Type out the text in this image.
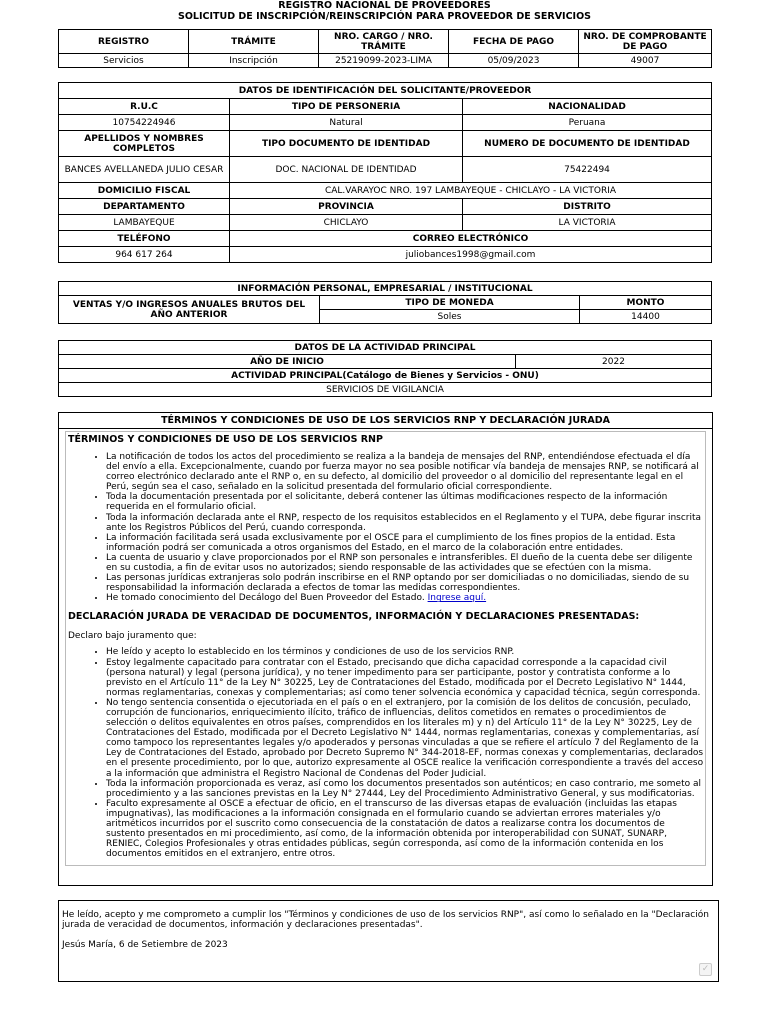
REGISTRO NACIONAL DE PROVEEDORES
SOLICITUD DE INSCRIPCIÓN/REINSCRIPCIÓN PARA PROVEEDOR DE SERVICIOS
REGISTRO	TRÁMITE	NRO. CARGO / NRO. TRÁMITE	FECHA DE PAGO	NRO. DE COMPROBANTE DE PAGO
Servicios	Inscripción	25219099-2023-LIMA	05/09/2023	49007
DATOS DE IDENTIFICACIÓN DEL SOLICITANTE/PROVEEDOR		
R.U.C	TIPO DE PERSONERIA	NACIONALIDAD
10754224946	Natural	Peruana
APELLIDOS Y NOMBRES COMPLETOS	TIPO DOCUMENTO DE IDENTIDAD	NUMERO DE DOCUMENTO DE IDENTIDAD
BANCES AVELLANEDA JULIO CESAR	DOC. NACIONAL DE IDENTIDAD	75422494
DOMICILIO FISCAL	CAL.VARAYOC NRO. 197 LAMBAYEQUE - CHICLAYO - LA VICTORIA	
DEPARTAMENTO	PROVINCIA	DISTRITO
LAMBAYEQUE	CHICLAYO	LA VICTORIA
TELÉFONO	CORREO ELECTRÓNICO	
964 617 264	juliobances1998@gmail.com	
INFORMACIÓN PERSONAL, EMPRESARIAL / INSTITUCIONAL		
VENTAS Y/O INGRESOS ANUALES BRUTOS DEL AÑO ANTERIOR	TIPO DE MONEDA	MONTO
	Soles	14400
DATOS DE LA ACTIVIDAD PRINCIPAL
AÑO DE INICIO	2022
ACTIVIDAD PRINCIPAL(Catálogo de Bienes y Servicios - ONU)
SERVICIOS DE VIGILANCIA
TÉRMINOS Y CONDICIONES DE USO DE LOS SERVICIOS RNP Y DECLARACIÓN JURADA
TÉRMINOS Y CONDICIONES DE USO DE LOS SERVICIOS RNP
• La notificación de todos los actos del procedimiento se realiza a la bandeja de mensajes del RNP, entendiéndose efectuada el día del envío a ella. Excepcionalmente, cuando por fuerza mayor no sea posible notificar vía bandeja de mensajes RNP, se notificará al correo electrónico declarado ante el RNP o, en su defecto, al domicilio del proveedor o al domicilio del representante legal en el Perú, según sea el caso, señalado en la solicitud presentada del formulario oficial correspondiente.
• Toda la documentación presentada por el solicitante, deberá contener las últimas modificaciones respecto de la información requerida en el formulario oficial.
• Toda la información declarada ante el RNP, respecto de los requisitos establecidos en el Reglamento y el TUPA, debe figurar inscrita ante los Registros Públicos del Perú, cuando corresponda.
• La información facilitada será usada exclusivamente por el OSCE para el cumplimiento de los fines propios de la entidad. Esta información podrá ser comunicada a otros organismos del Estado, en el marco de la colaboración entre entidades.
• La cuenta de usuario y clave proporcionados por el RNP son personales e intransferibles. El dueño de la cuenta debe ser diligente en su custodia, a fin de evitar usos no autorizados; siendo responsable de las actividades que se efectúen con la misma.
• Las personas jurídicas extranjeras solo podrán inscribirse en el RNP optando por ser domiciliadas o no domiciliadas, siendo de su responsabilidad la información declarada a efectos de tomar las medidas correspondientes.
• He tomado conocimiento del Decálogo del Buen Proveedor del Estado. Ingrese aquí.
DECLARACIÓN JURADA DE VERACIDAD DE DOCUMENTOS, INFORMACIÓN Y DECLARACIONES PRESENTADAS:

Declaro bajo juramento que:

• He leído y acepto lo establecido en los términos y condiciones de uso de los servicios RNP.
• Estoy legalmente capacitado para contratar con el Estado, precisando que dicha capacidad corresponde a la capacidad civil (persona natural) y legal (persona jurídica), y no tener impedimento para ser participante, postor y contratista conforme a lo previsto en el Artículo 11° de la Ley N° 30225, Ley de Contrataciones del Estado, modificada por el Decreto Legislativo N° 1444, normas reglamentarias, conexas y complementarias; así como tener solvencia económica y capacidad técnica, según corresponda.
• No tengo sentencia consentida o ejecutoriada en el país o en el extranjero, por la comisión de los delitos de concusión, peculado, corrupción de funcionarios, enriquecimiento ilícito, tráfico de influencias, delitos cometidos en remates o procedimientos de selección o delitos equivalentes en otros países, comprendidos en los literales m) y n) del Artículo 11° de la Ley N° 30225, Ley de Contrataciones del Estado, modificada por el Decreto Legislativo N° 1444, normas reglamentarias, conexas y complementarias, así como tampoco los representantes legales y/o apoderados y personas vinculadas a que se refiere el artículo 7 del Reglamento de la Ley de Contrataciones del Estado, aprobado por Decreto Supremo N° 344-2018-EF, normas conexas y complementarias, declarados en el presente procedimiento, por lo que, autorizo expresamente al OSCE realice la verificación correspondiente a través del acceso a la información que administra el Registro Nacional de Condenas del Poder Judicial.
• Toda la información proporcionada es veraz, así como los documentos presentados son auténticos; en caso contrario, me someto al procedimiento y a las sanciones previstas en la Ley N° 27444, Ley del Procedimiento Administrativo General, y sus modificatorias.
• Faculto expresamente al OSCE a efectuar de oficio, en el transcurso de las diversas etapas de evaluación (incluidas las etapas impugnativas), las modificaciones a la información consignada en el formulario cuando se adviertan errores materiales y/o aritméticos incurridos por el suscrito como consecuencia de la constatación de datos a realizarse contra los documentos de sustento presentados en mi procedimiento, así como, de la información obtenida por interoperabilidad con SUNAT, SUNARP, RENIEC, Colegios Profesionales y otras entidades públicas, según corresponda, así como de la información contenida en los documentos emitidos en el extranjero, entre otros.

He leído, acepto y me comprometo a cumplir los "Términos y condiciones de uso de los servicios RNP", así como lo señalado en la "Declaración jurada de veracidad de documentos, información y declaraciones presentadas".

Jesús María, 6 de Setiembre de 2023

✓
